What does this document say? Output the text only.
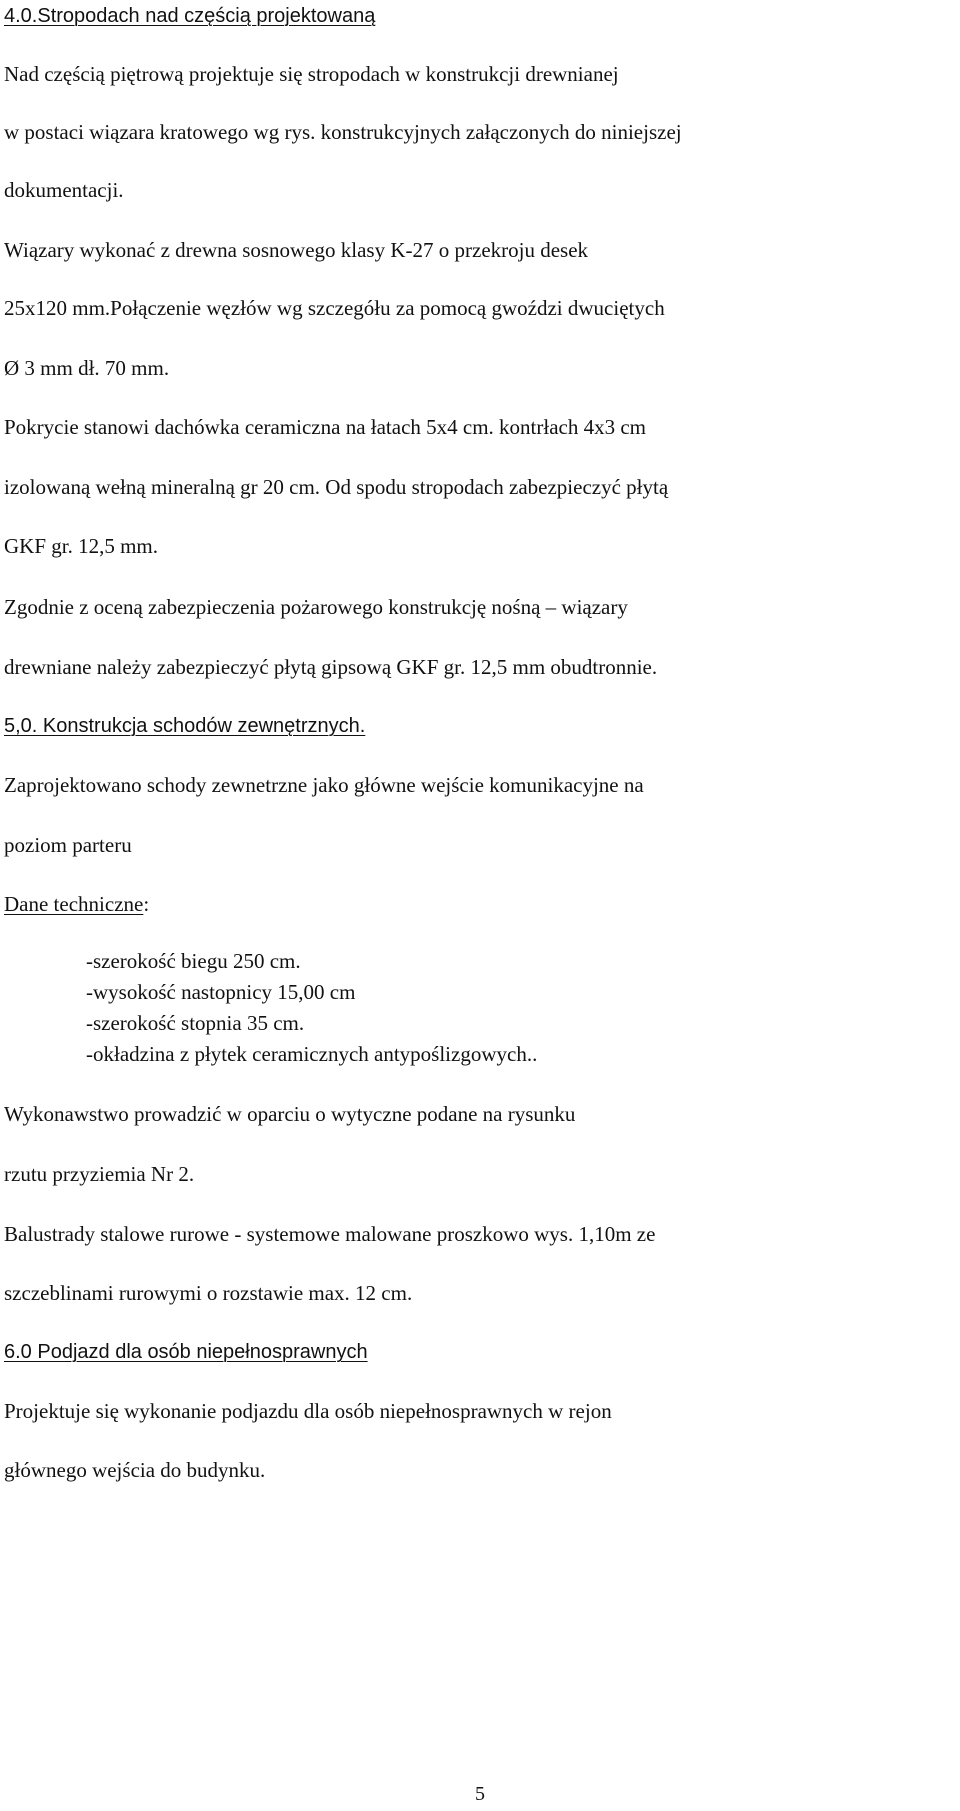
4.0.Stropodach nad częścią projektowaną
Nad częścią piętrową projektuje się stropodach w konstrukcji drewnianej
w postaci wiązara kratowego wg rys. konstrukcyjnych załączonych do niniejszej
dokumentacji.
Wiązary wykonać z drewna sosnowego klasy K-27 o przekroju desek
25x120 mm.Połączenie węzłów wg szczegółu za pomocą gwoździ dwuciętych
Ø 3 mm dł. 70 mm.
Pokrycie stanowi dachówka ceramiczna na łatach 5x4 cm. kontrłach 4x3 cm
izolowaną wełną mineralną gr 20 cm. Od spodu stropodach zabezpieczyć płytą
GKF gr. 12,5 mm.
Zgodnie z oceną zabezpieczenia pożarowego konstrukcję nośną – wiązary
drewniane należy zabezpieczyć płytą gipsową GKF gr. 12,5 mm obudtronnie.
5,0. Konstrukcja schodów zewnętrznych.
Zaprojektowano schody zewnetrzne jako główne wejście komunikacyjne na
poziom parteru
Dane techniczne:
-szerokość biegu 250 cm.
-wysokość nastopnicy 15,00 cm
-szerokość stopnia 35 cm.
-okładzina z płytek ceramicznych antypoślizgowych..
Wykonawstwo prowadzić w oparciu o wytyczne podane na rysunku
rzutu przyziemia Nr 2.
Balustrady stalowe rurowe - systemowe malowane proszkowo wys. 1,10m ze
szczeblinami rurowymi o rozstawie max. 12 cm.
6.0 Podjazd dla osób niepełnosprawnych
Projektuje się wykonanie podjazdu dla osób niepełnosprawnych w rejon
głównego wejścia do budynku.
5
